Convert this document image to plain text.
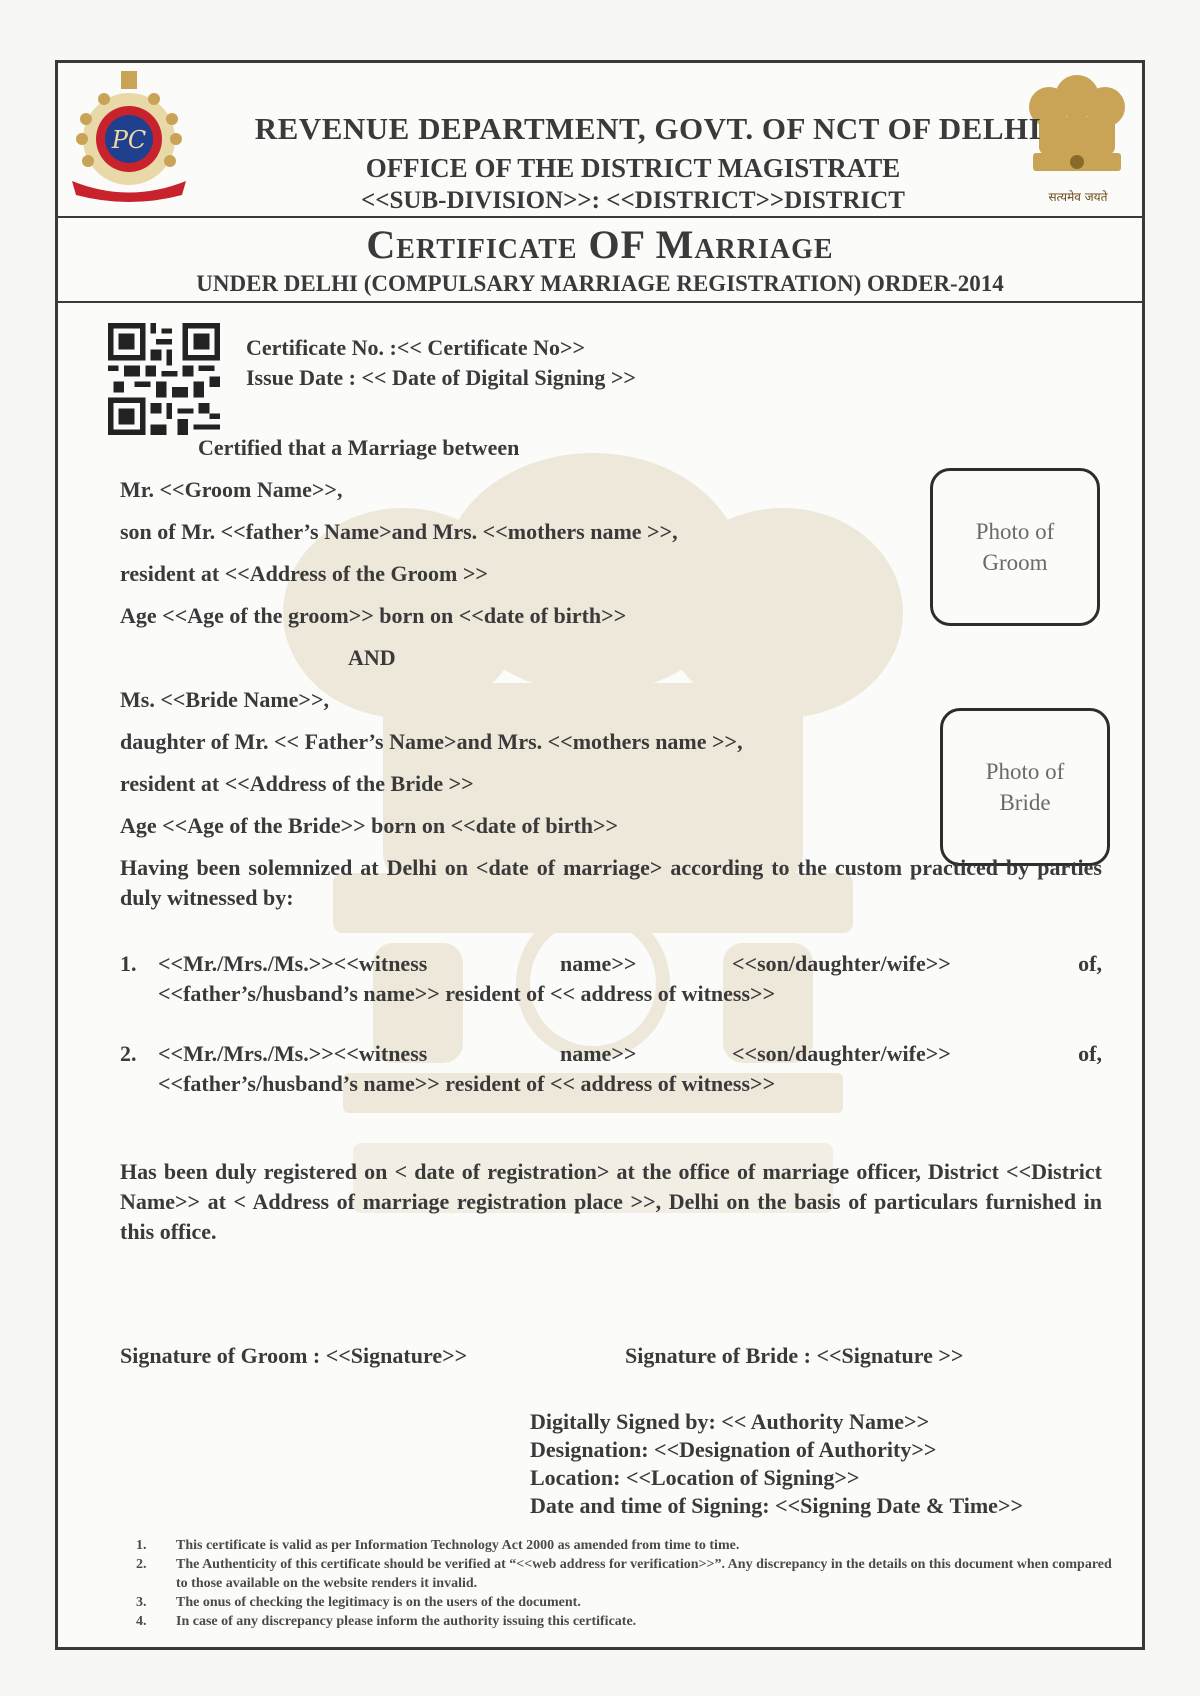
PC
सत्यमेव जयते
REVENUE DEPARTMENT, GOVT. OF NCT OF DELHI
OFFICE OF THE DISTRICT MAGISTRATE
<<SUB-DIVISION>>: <<DISTRICT>>DISTRICT
Certificate OF Marriage
UNDER DELHI (COMPULSARY MARRIAGE REGISTRATION) ORDER-2014
Certificate No. :<< Certificate No>>
Issue Date : << Date of Digital Signing >>
Certified that a Marriage between
Mr. <<Groom Name>>,
son of Mr. <<father’s Name>and Mrs. <<mothers name >>,
resident at <<Address of the Groom >>
Age <<Age of the groom>> born on <<date of birth>>
AND
Ms. <<Bride Name>>,
daughter of Mr. << Father’s Name>and Mrs. <<mothers name >>,
resident at <<Address of the Bride >>
Age <<Age of the Bride>> born on <<date of birth>>
Photo of Groom
Photo of Bride
Having been solemnized at Delhi on <date of marriage> according to the custom practiced by parties duly witnessed by:
1. <<Mr./Mrs./Ms.>><<witness	name>>	<<son/daughter/wife>>	of,
<<father’s/husband’s name>> resident of << address of witness>>
2. <<Mr./Mrs./Ms.>><<witness	name>>	<<son/daughter/wife>>	of,
<<father’s/husband’s name>> resident of << address of witness>>
Has been duly registered on < date of registration> at the office of marriage officer, District <<District Name>> at < Address of marriage registration place >>, Delhi on the basis of particulars furnished in this office.
Signature of Groom : <<Signature>>	Signature of Bride : <<Signature >>
Digitally Signed by: << Authority Name>>
Designation: <<Designation of Authority>>
Location: <<Location of Signing>>
Date and time of Signing: <<Signing Date & Time>>
1. This certificate is valid as per Information Technology Act 2000 as amended from time to time.
2. The Authenticity of this certificate should be verified at “<<web address for verification>>”. Any discrepancy in the details on this document when compared to those available on the website renders it invalid.
3. The onus of checking the legitimacy is on the users of the document.
4. In case of any discrepancy please inform the authority issuing this certificate.
